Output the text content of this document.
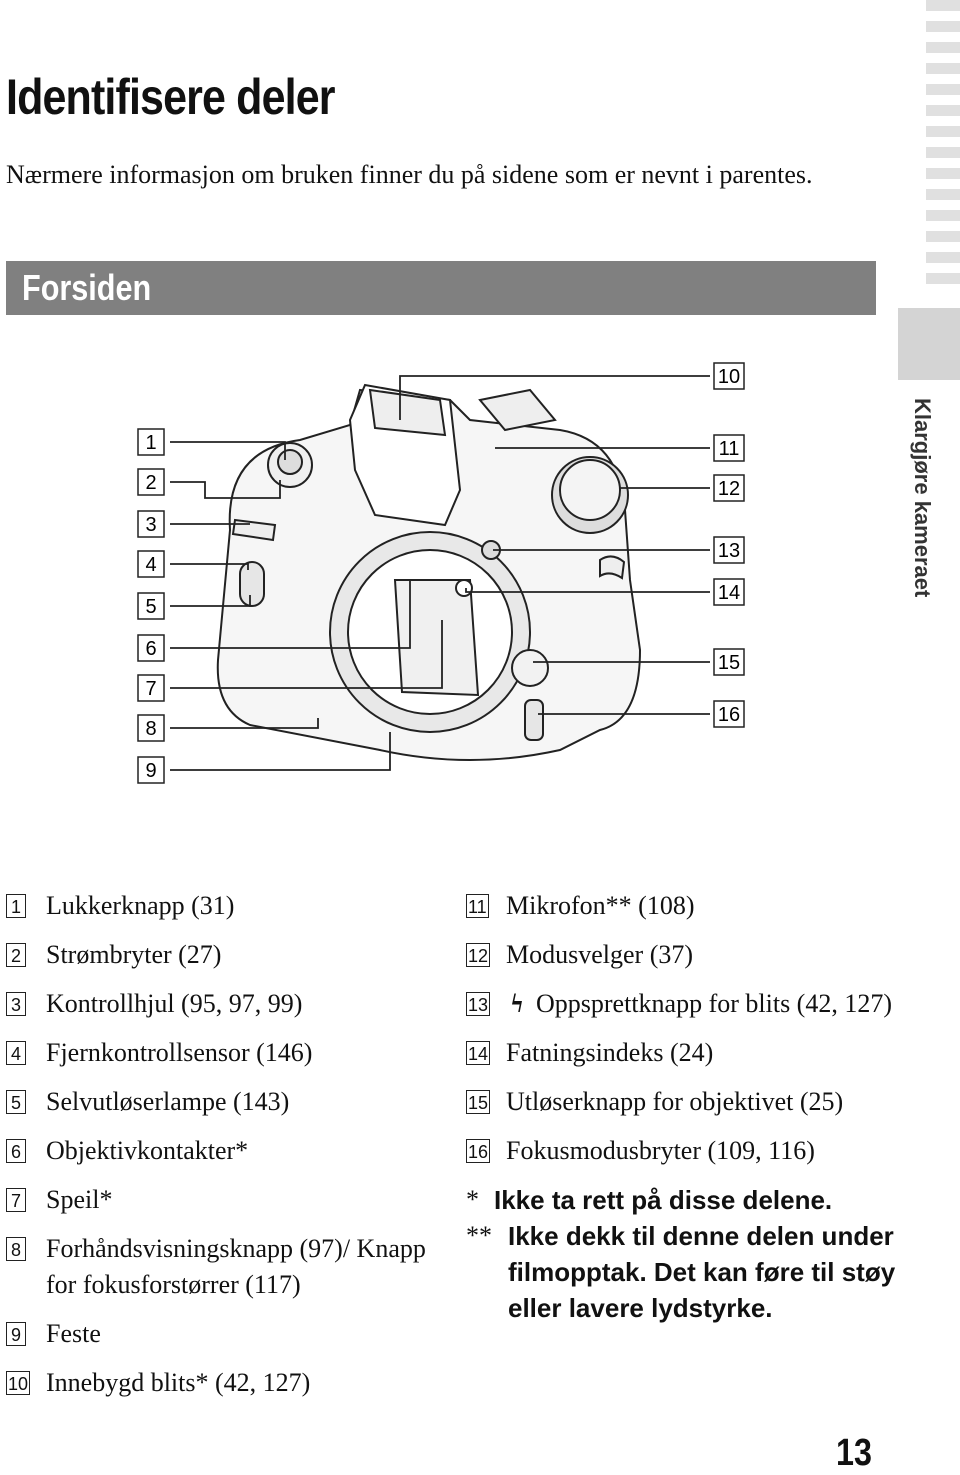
Klargjøre kameraet
Identifisere deler

Nærmere informasjon om bruken finner du på sidene som er nevnt i parentes.

Forsiden
1
2
3
4
5
6
7
8
9
10
11
12
13
14
15
16
1 Lukkerknapp (31)
2 Strømbryter (27)
3 Kontrollhjul (95, 97, 99)
4 Fjernkontrollsensor (146)
5 Selvutløserlampe (143)
6 Objektivkontakter*
7 Speil*
8 Forhåndsvisningsknapp (97)/ Knapp for fokusforstørrer (117)
9 Feste
10 Innebygd blits* (42, 127)
11 Mikrofon** (108)
12 Modusvelger (37)
13 ϟ Oppsprettknapp for blits (42, 127)
14 Fatningsindeks (24)
15 Utløserknapp for objektivet (25)
16 Fokusmodusbryter (109, 116)
* Ikke ta rett på disse delene.
** Ikke dekk til denne delen under filmopptak. Det kan føre til støy eller lavere lydstyrke.
13
